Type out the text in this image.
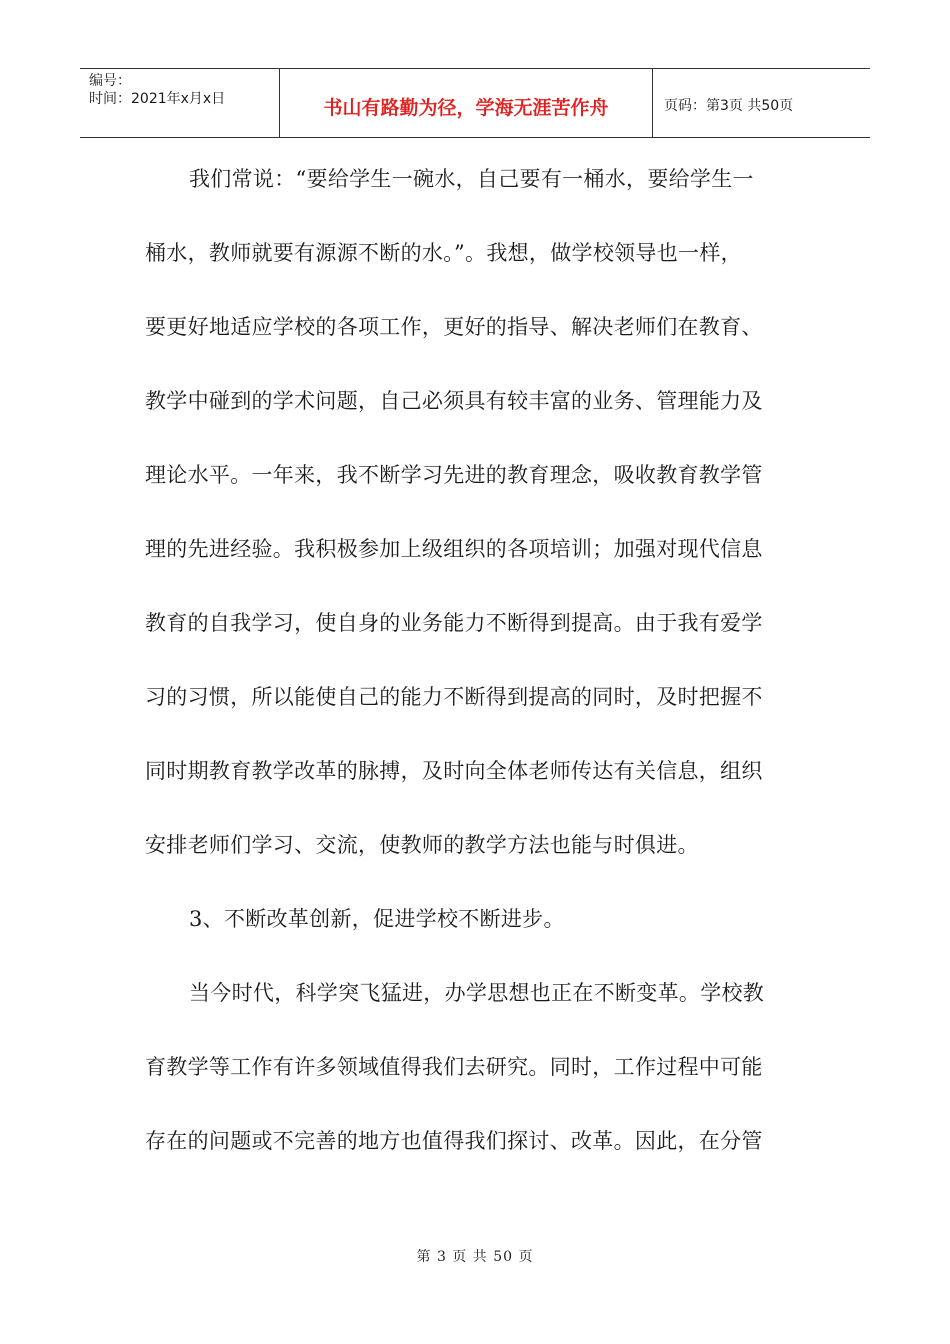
编号：
时间：2021年x月x日	书山有路勤为径，学海无涯苦作舟	页码：第3页 共50页
我们常说：“要给学生一碗水，自己要有一桶水，要给学生一
桶水，教师就要有源源不断的水。”。我想，做学校领导也一样，
要更好地适应学校的各项工作，更好的指导、解决老师们在教育、
教学中碰到的学术问题，自己必须具有较丰富的业务、管理能力及
理论水平。一年来，我不断学习先进的教育理念，吸收教育教学管
理的先进经验。我积极参加上级组织的各项培训；加强对现代信息
教育的自我学习，使自身的业务能力不断得到提高。由于我有爱学
习的习惯，所以能使自己的能力不断得到提高的同时，及时把握不
同时期教育教学改革的脉搏，及时向全体老师传达有关信息，组织
安排老师们学习、交流，使教师的教学方法也能与时俱进。
3、不断改革创新，促进学校不断进步。
当今时代，科学突飞猛进，办学思想也正在不断变革。学校教
育教学等工作有许多领域值得我们去研究。同时，工作过程中可能
存在的问题或不完善的地方也值得我们探讨、改革。因此，在分管
第 3 页 共 50 页
